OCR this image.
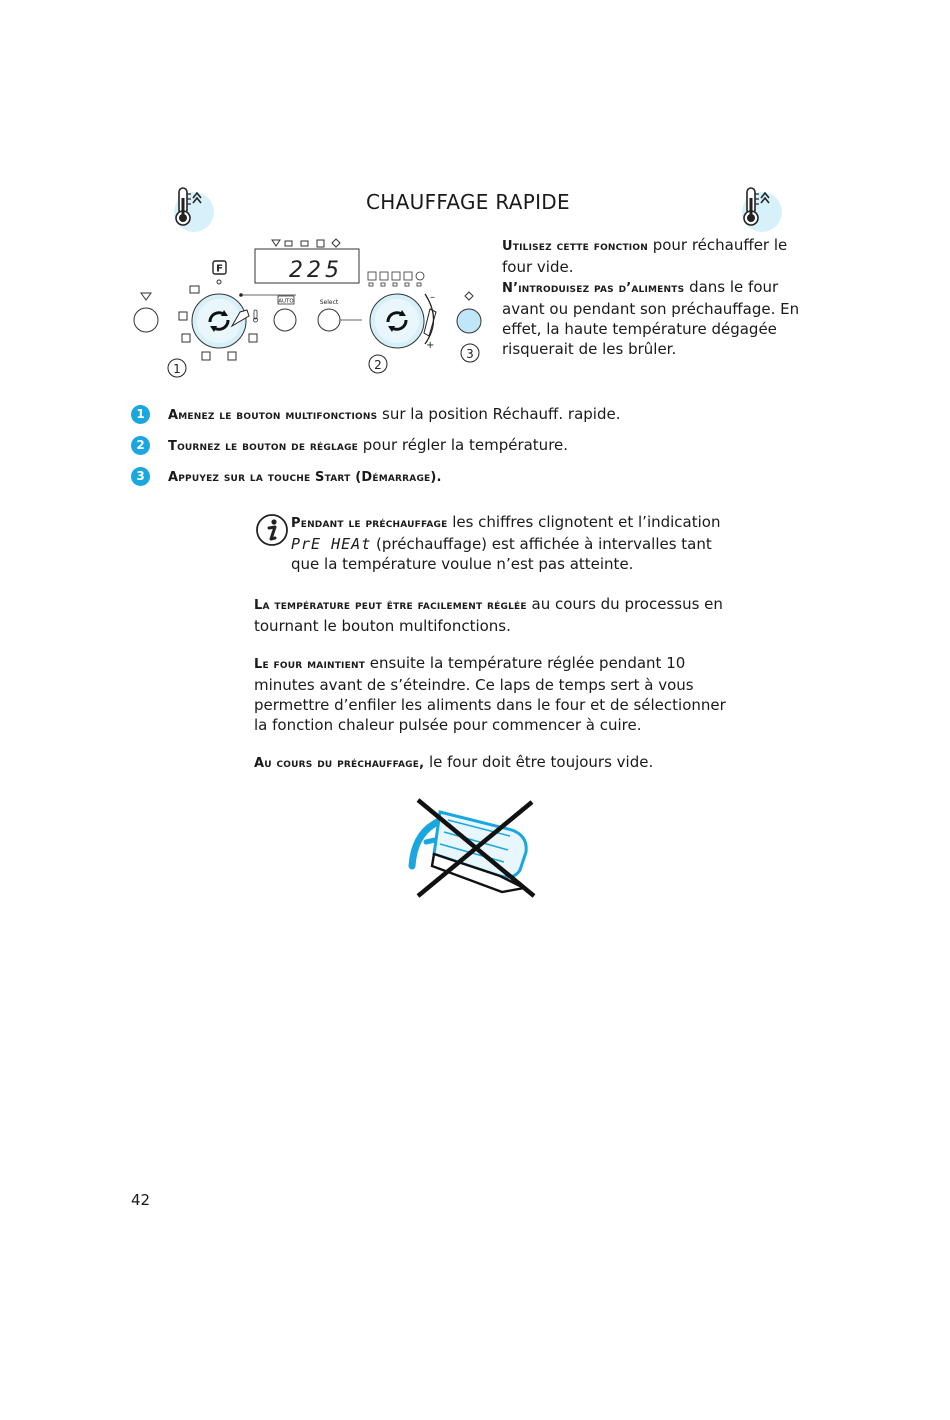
CHAUFFAGE RAPIDE
225
F
AUTO	Select	–
+
1	2
3
Utilisez cette fonction pour réchauffer le four vide.
N’introduisez pas d’aliments dans le four avant ou pendant son préchauffage. En effet, la haute température dégagée risquerait de les brûler.
1 Amenez le bouton multifonctions sur la position Réchauff. rapide.
2 Tournez le bouton de réglage pour régler la température.
3 Appuyez sur la touche Start (Démarrage).
Pendant le préchauffage les chiffres clignotent et l’indication PrE HEAt (préchauffage) est affichée à intervalles tant que la température voulue n’est pas atteinte.
La température peut être facilement réglée au cours du processus en tournant le bouton multifonctions.
Le four maintient ensuite la température réglée pendant 10 minutes avant de s’éteindre. Ce laps de temps sert à vous permettre d’enfiler les aliments dans le four et de sélectionner la fonction chaleur pulsée pour commencer à cuire.
Au cours du préchauffage, le four doit être toujours vide.
42
